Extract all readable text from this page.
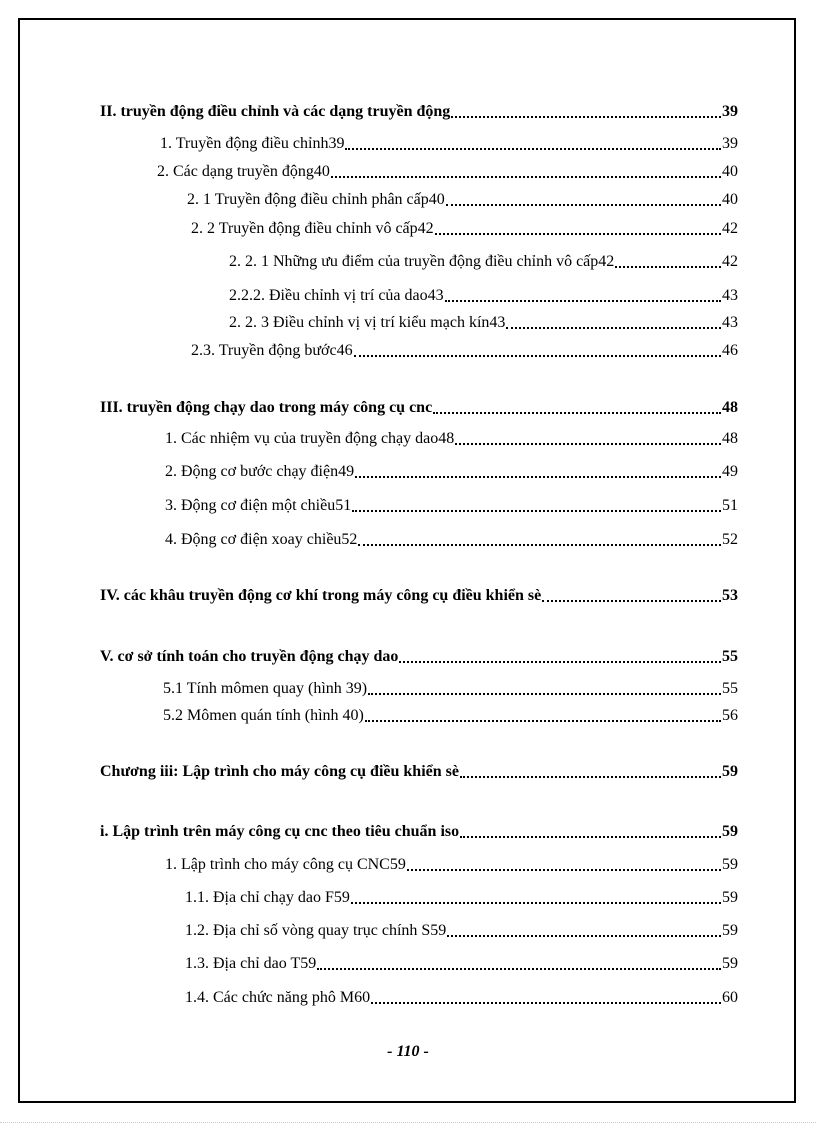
II. truyền động điều chỉnh và các dạng truyền động	39
1. Truyền động điều chỉnh39	39
2. Các dạng truyền động40	40
2. 1 Truyền động điều chỉnh phân cấp40	40
2. 2 Truyền động điều chỉnh vô cấp42	42
2. 2. 1 Những ưu điểm của truyền động điều chỉnh vô cấp42	42
2.2.2. Điều chỉnh vị trí của dao43	43
2. 2. 3 Điều chỉnh vị vị trí kiểu mạch kín43	43
2.3. Truyền động bước46	46
III. truyền động chạy dao trong máy công cụ cnc	48
1. Các nhiệm vụ của truyền động chạy dao48	48
2. Động cơ bước chạy điện49	49
3. Động cơ điện một chiều51	51
4. Động cơ điện xoay chiều52	52
IV. các khâu truyền động cơ khí trong máy công cụ điều khiển sè	53
V. cơ sở tính toán cho truyền động chạy dao	55
5.1 Tính mômen quay (hình 39)	55
5.2 Mômen quán tính (hình 40)	56
Chương iii: Lập trình cho máy công cụ điều khiển sè	59
i. Lập trình trên máy công cụ cnc theo tiêu chuẩn iso	59
1. Lập trình cho máy công cụ CNC59	59
1.1. Địa chỉ chạy dao F59	59
1.2. Địa chỉ số vòng quay trục chính S59	59
1.3. Địa chỉ dao T59	59
1.4. Các chức năng phô M60	60
- 110 -
